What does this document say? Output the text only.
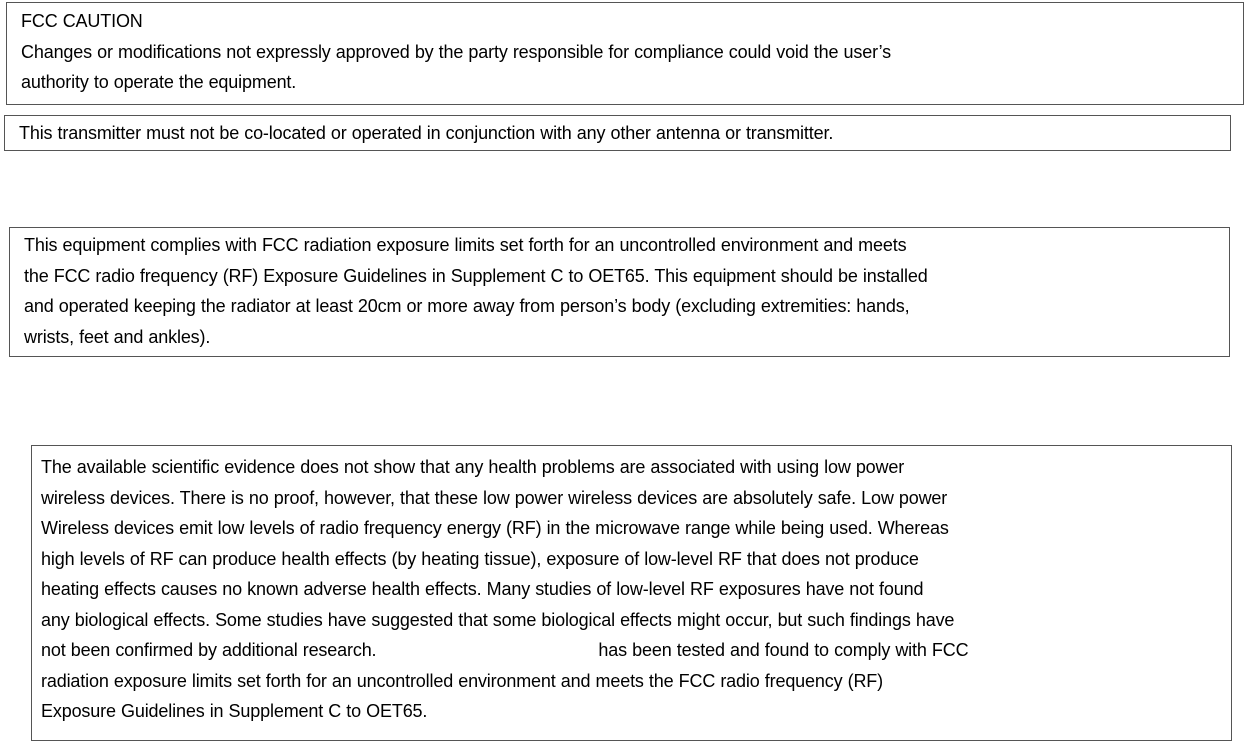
FCC CAUTION
Changes or modifications not expressly approved by the party responsible for compliance could void the user’s
authority to operate the equipment.
This transmitter must not be co-located or operated in conjunction with any other antenna or transmitter.
This equipment complies with FCC radiation exposure limits set forth for an uncontrolled environment and meets
the FCC radio frequency (RF) Exposure Guidelines in Supplement C to OET65. This equipment should be installed
and operated keeping the radiator at least 20cm or more away from person’s body (excluding extremities: hands,
wrists, feet and ankles).
The available scientific evidence does not show that any health problems are associated with using low power
wireless devices. There is no proof, however, that these low power wireless devices are absolutely safe. Low power
Wireless devices emit low levels of radio frequency energy (RF) in the microwave range while being used. Whereas
high levels of RF can produce health effects (by heating tissue), exposure of low-level RF that does not produce
heating effects causes no known adverse health effects. Many studies of low-level RF exposures have not found
any biological effects. Some studies have suggested that some biological effects might occur, but such findings have
not been confirmed by additional research.	has been tested and found to comply with FCC
radiation exposure limits set forth for an uncontrolled environment and meets the FCC radio frequency (RF)
Exposure Guidelines in Supplement C to OET65.
